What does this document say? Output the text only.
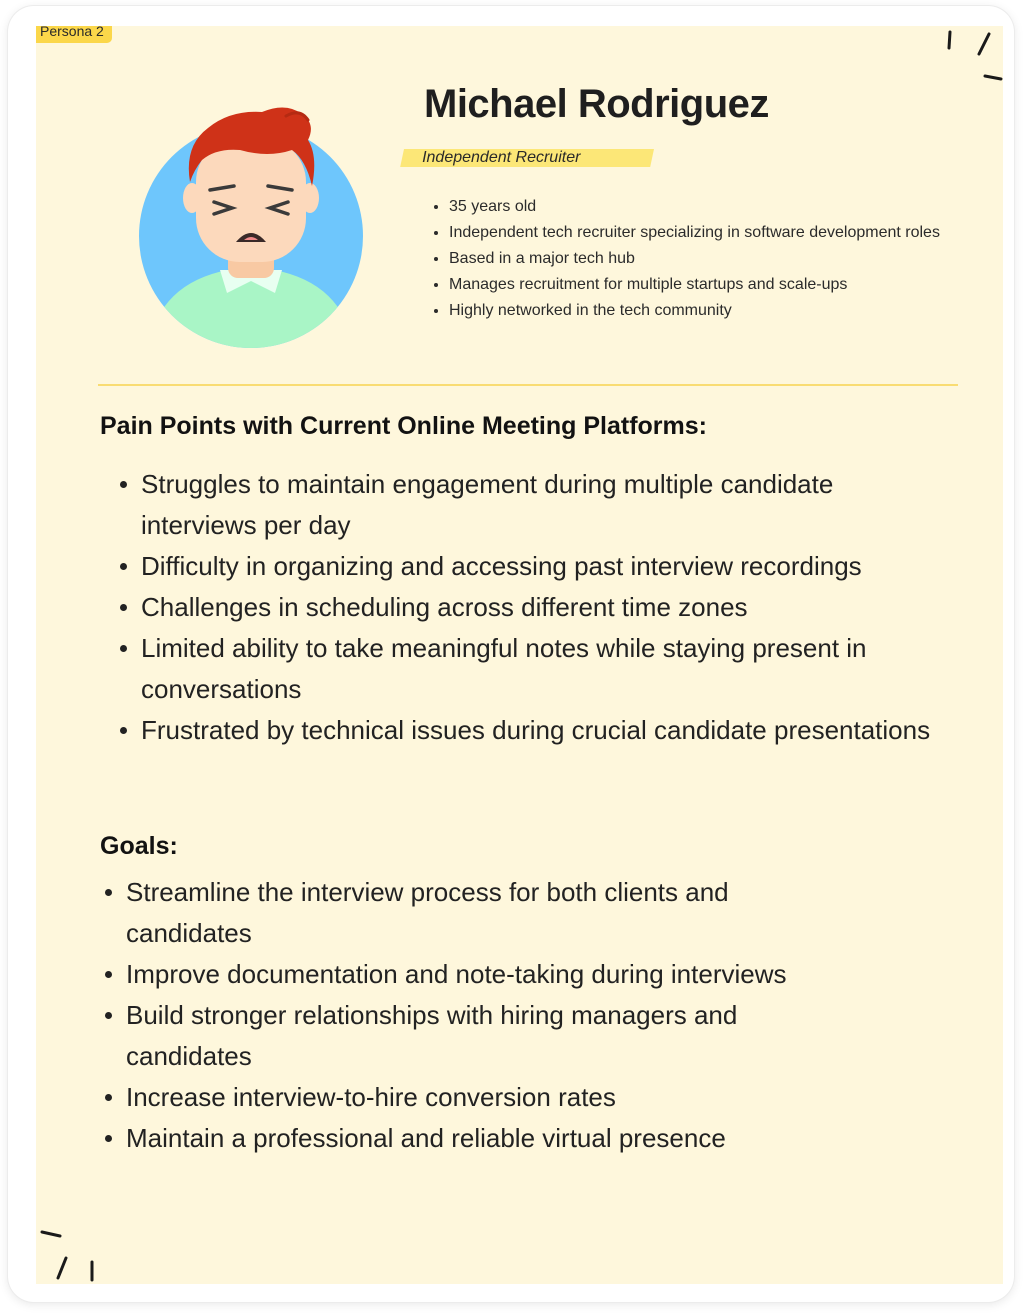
Persona 2
Michael Rodriguez
Independent Recruiter
• 35 years old
• Independent tech recruiter specializing in software development roles
• Based in a major tech hub
• Manages recruitment for multiple startups and scale-ups
• Highly networked in the tech community
Pain Points with Current Online Meeting Platforms:
Struggles to maintain engagement during multiple candidate interviews per day
Difficulty in organizing and accessing past interview recordings
Challenges in scheduling across different time zones
Limited ability to take meaningful notes while staying present in conversations
Frustrated by technical issues during crucial candidate presentations
Goals:
Streamline the interview process for both clients and candidates
Improve documentation and note-taking during interviews
Build stronger relationships with hiring managers and candidates
Increase interview-to-hire conversion rates
Maintain a professional and reliable virtual presence
